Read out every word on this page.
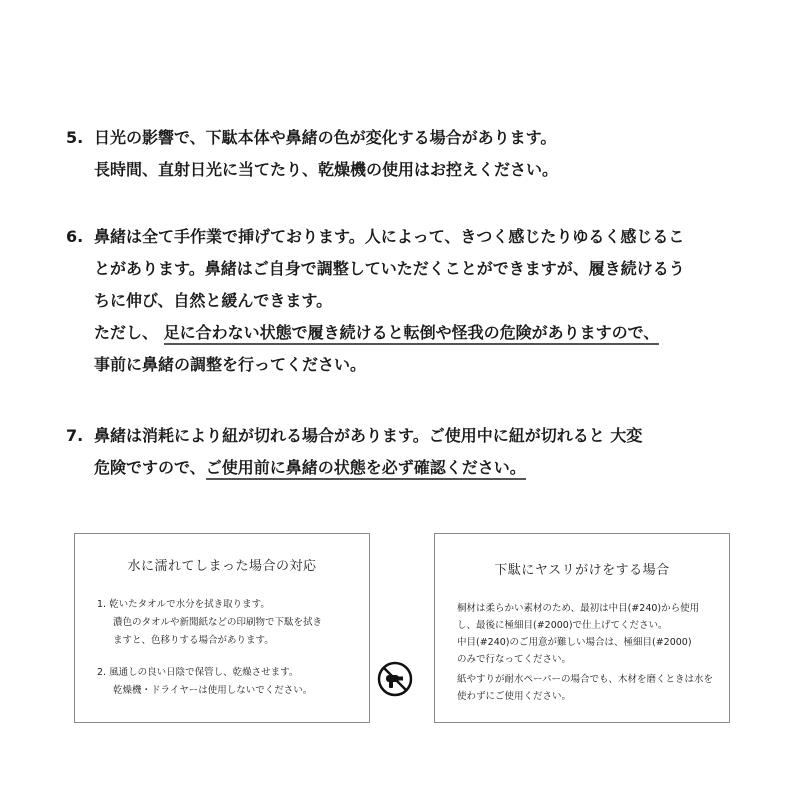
5. 日光の影響で、下駄本体や鼻緒の色が変化する場合があります。
長時間、直射日光に当てたり、乾燥機の使用はお控えください。
6. 鼻緒は全て手作業で挿げております。人によって、きつく感じたりゆるく感じるこ
とがあります。鼻緒はご自身で調整していただくことができますが、履き続けるう
ちに伸び、自然と緩んできます。
ただし、 足に合わない状態で履き続けると転倒や怪我の危険がありますので、
事前に鼻緒の調整を行ってください。
7. 鼻緒は消耗により紐が切れる場合があります。ご使用中に紐が切れると 大変
危険ですので、ご使用前に鼻緒の状態を必ず確認ください。
水に濡れてしまった場合の対応
1. 乾いたタオルで水分を拭き取ります。
濃色のタオルや新聞紙などの印刷物で下駄を拭き
ますと、色移りする場合があります。
2. 風通しの良い日陰で保管し、乾燥させます。
乾燥機・ドライヤーは使用しないでください。
下駄にヤスリがけをする場合
桐材は柔らかい素材のため、最初は中目(#240)から使用
し、最後に極細目(#2000)で仕上げてください。
中目(#240)のご用意が難しい場合は、極細目(#2000)
のみで行なってください。
紙やすりが耐水ペーパーの場合でも、木材を磨くときは水を
使わずにご使用ください。
